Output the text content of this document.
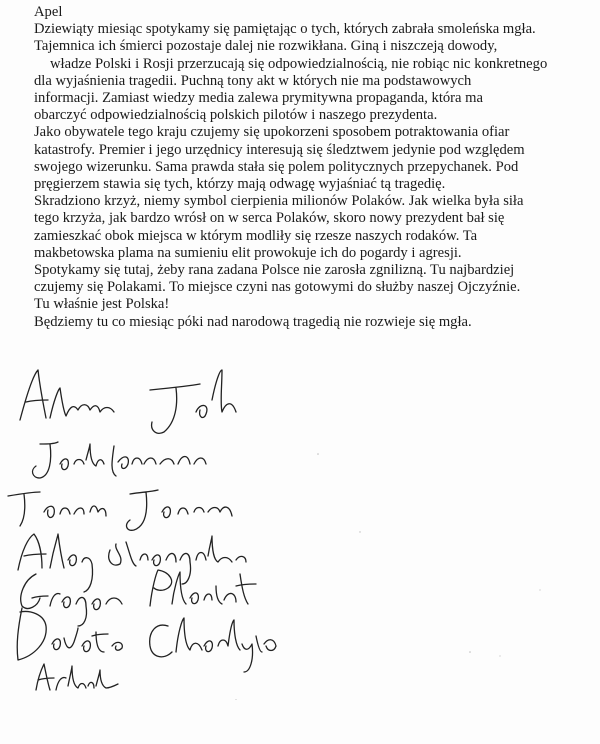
Apel
Dziewiąty miesiąc spotykamy się pamiętając o tych, których zabrała smoleńska mgła.
Tajemnica ich śmierci pozostaje dalej nie rozwikłana. Giną i niszczeją dowody,
władze Polski i Rosji przerzucają się odpowiedzialnością, nie robiąc nic konkretnego
dla wyjaśnienia tragedii. Puchną tony akt w których nie ma podstawowych
informacji. Zamiast wiedzy media zalewa prymitywna propaganda, która ma
obarczyć odpowiedzialnością polskich pilotów i naszego prezydenta.
Jako obywatele tego kraju czujemy się upokorzeni sposobem potraktowania ofiar
katastrofy. Premier i jego urzędnicy interesują się śledztwem jedynie pod względem
swojego wizerunku. Sama prawda stała się polem politycznych przepychanek. Pod
pręgierzem stawia się tych, którzy mają odwagę wyjaśniać tą tragedię.
Skradziono krzyż, niemy symbol cierpienia milionów Polaków. Jak wielka była siła
tego krzyża, jak bardzo wrósł on w serca Polaków, skoro nowy prezydent bał się
zamieszkać obok miejsca w którym modliły się rzesze naszych rodaków. Ta
makbetowska plama na sumieniu elit prowokuje ich do pogardy i agresji.
Spotykamy się tutaj, żeby rana zadana Polsce nie zarosła zgnilizną. Tu najbardziej
czujemy się Polakami. To miejsce czyni nas gotowymi do służby naszej Ojczyźnie.
Tu właśnie jest Polska!
Będziemy tu co miesiąc póki nad narodową tragedią nie rozwieje się mgła.
